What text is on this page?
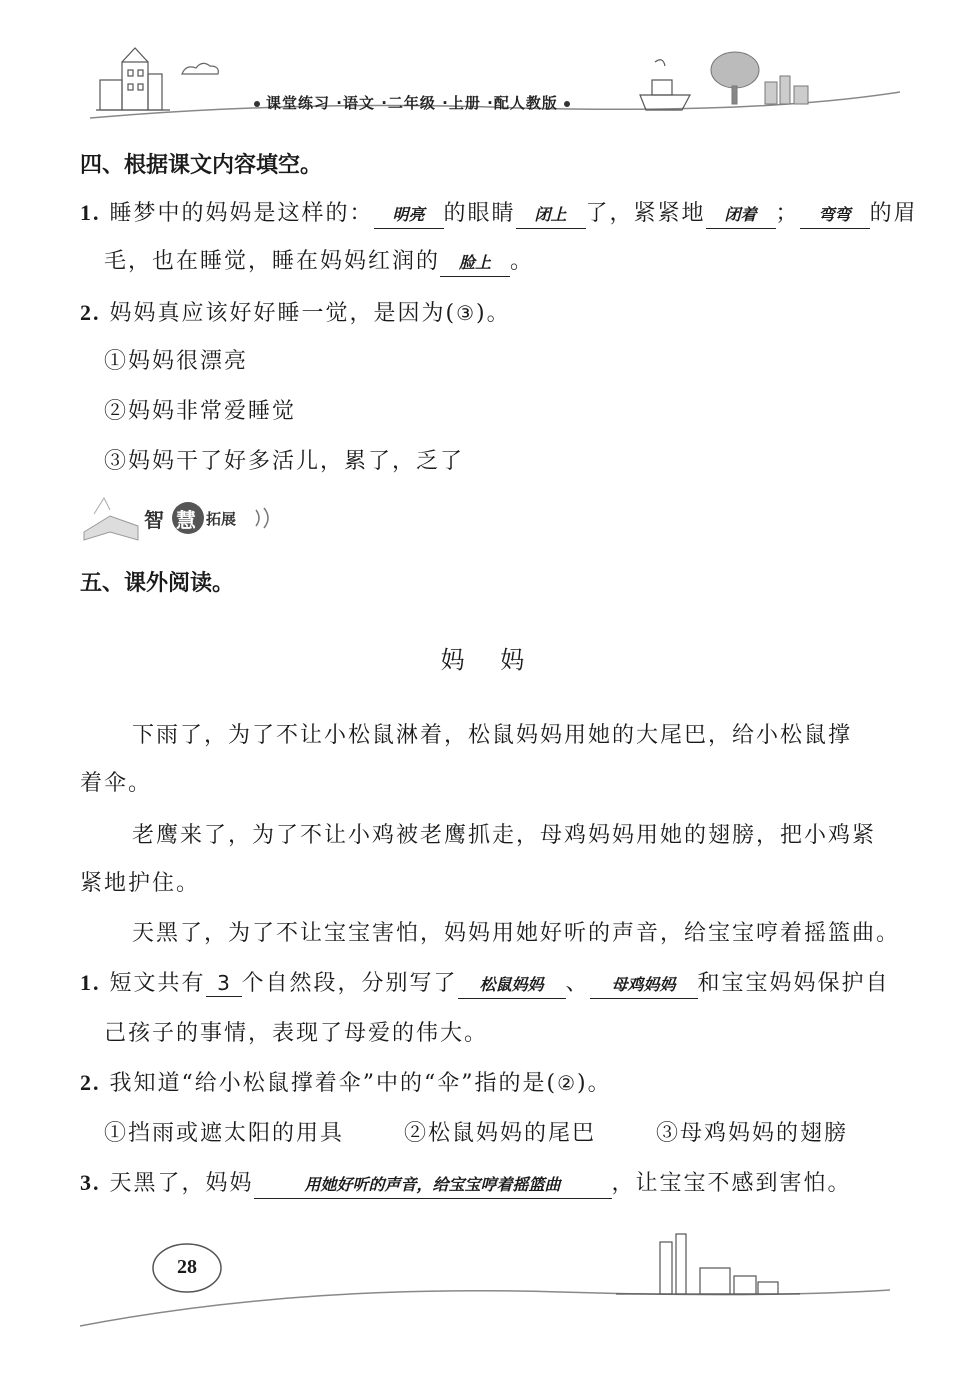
课堂练习 ·语文 ·二年级 ·上册 ·配人教版
四、根据课文内容填空。
1. 睡梦中的妈妈是这样的： 明亮 的眼睛 闭上 了，紧紧地 闭着 ； 弯弯 的眉
毛，也在睡觉，睡在妈妈红润的 脸上 。
2. 妈妈真应该好好睡一觉，是因为(③)。
①妈妈很漂亮
②妈妈非常爱睡觉
③妈妈干了好多活儿，累了，乏了
智 慧 拓展
五、课外阅读。
妈 妈
下雨了，为了不让小松鼠淋着，松鼠妈妈用她的大尾巴，给小松鼠撑
着伞。
老鹰来了，为了不让小鸡被老鹰抓走，母鸡妈妈用她的翅膀，把小鸡紧
紧地护住。
天黑了，为了不让宝宝害怕，妈妈用她好听的声音，给宝宝哼着摇篮曲。
1. 短文共有 3 个自然段，分别写了 松鼠妈妈 、 母鸡妈妈 和宝宝妈妈保护自
己孩子的事情，表现了母爱的伟大。
2. 我知道“给小松鼠撑着伞”中的“伞”指的是(②)。
①挡雨或遮太阳的用具	②松鼠妈妈的尾巴	③母鸡妈妈的翅膀
3. 天黑了，妈妈	用她好听的声音，给宝宝哼着摇篮曲 ，让宝宝不感到害怕。
28
